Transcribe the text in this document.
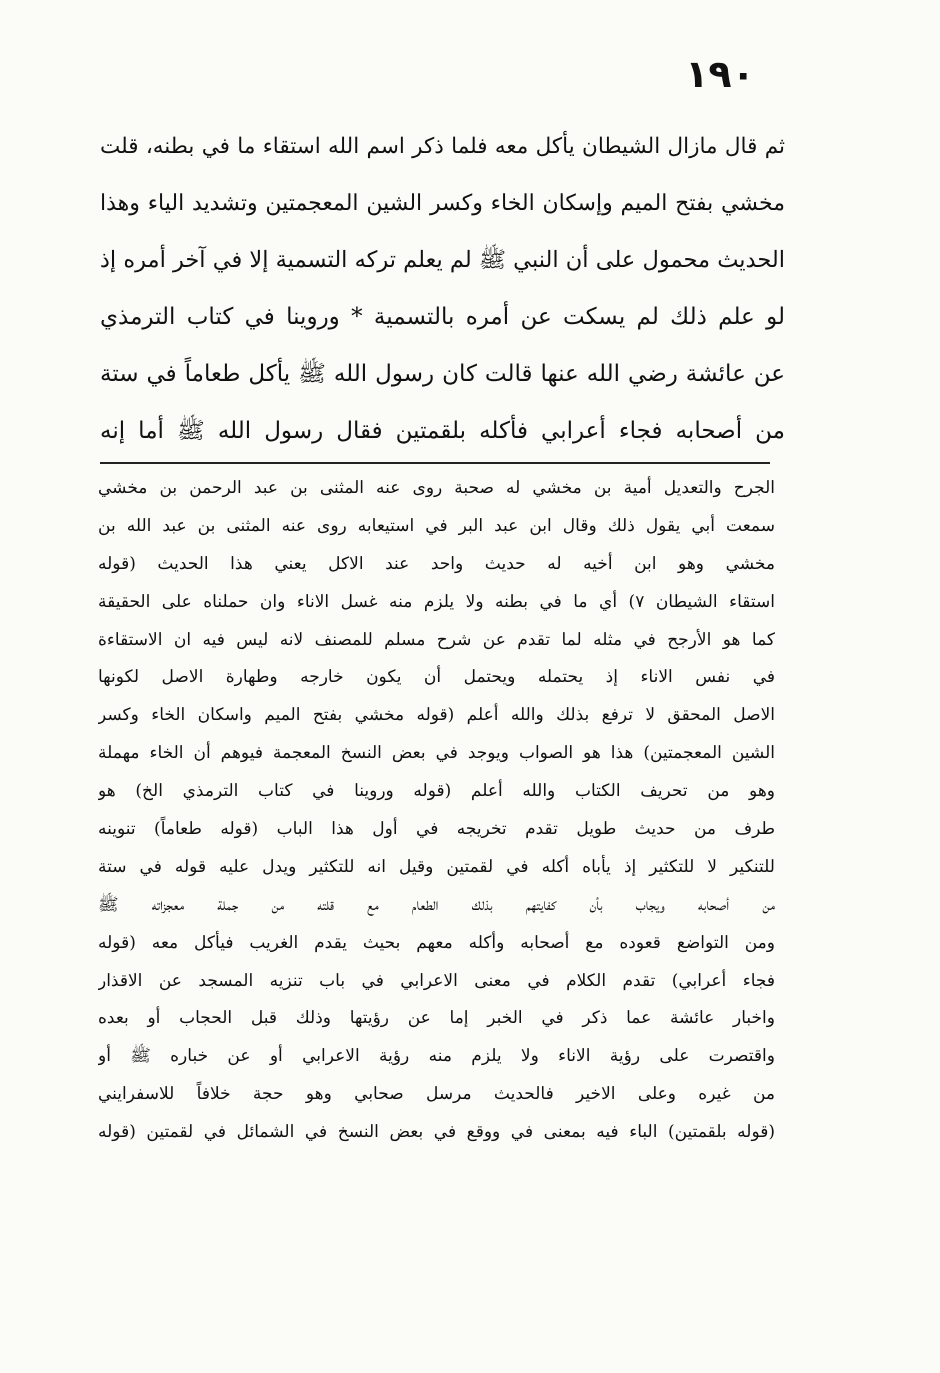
١٩٠
ثم قال مازال الشيطان يأكل معه فلما ذكر اسم الله استقاء ما في بطنه، قلت
مخشي بفتح الميم وإسكان الخاء وكسر الشين المعجمتين وتشديد الياء وهذا
الحديث محمول على أن النبي ﷺ لم يعلم تركه التسمية إلا في آخر أمره إذ
لو علم ذلك لم يسكت عن أمره بالتسمية * وروينا في كتاب الترمذي
عن عائشة رضي الله عنها قالت كان رسول الله ﷺ يأكل طعاماً في ستة
من أصحابه فجاء أعرابي فأكله بلقمتين فقال رسول الله ﷺ أما إنه
الجرح والتعديل أمية بن مخشي له صحبة روى عنه المثنى بن عبد الرحمن بن مخشي
سمعت أبي يقول ذلك وقال ابن عبد البر في استيعابه روى عنه المثنى بن عبد الله بن
مخشي وهو ابن أخيه له حديث واحد عند الاكل يعني هذا الحديث (قوله
استقاء الشيطان ٧) أي ما في بطنه ولا يلزم منه غسل الاناء وان حملناه على الحقيقة
كما هو الأرجح في مثله لما تقدم عن شرح مسلم للمصنف لانه ليس فيه ان الاستقاءة
في نفس الاناء إذ يحتمله ويحتمل أن يكون خارجه وطهارة الاصل لكونها
الاصل المحقق لا ترفع بذلك والله أعلم (قوله مخشي بفتح الميم واسكان الخاء وكسر
الشين المعجمتين) هذا هو الصواب ويوجد في بعض النسخ المعجمة فيوهم أن الخاء مهملة
وهو من تحريف الكتاب والله أعلم (قوله وروينا في كتاب الترمذي الخ) هو
طرف من حديث طويل تقدم تخريجه في أول هذا الباب (قوله طعاماً) تنوينه
للتنكير لا للتكثير إذ يأباه أكله في لقمتين وقيل انه للتكثير ويدل عليه قوله في ستة
من أصحابه ويجاب بأن كفايتهم بذلك الطعام مع قلته من جملة معجزاته ﷺ
ومن التواضع قعوده مع أصحابه وأكله معهم بحيث يقدم الغريب فيأكل معه (قوله
فجاء أعرابي) تقدم الكلام في معنى الاعرابي في باب تنزيه المسجد عن الاقذار
واخبار عائشة عما ذكر في الخبر إما عن رؤيتها وذلك قبل الحجاب أو بعده
واقتصرت على رؤية الاناء ولا يلزم منه رؤية الاعرابي أو عن خباره ﷺ أو
من غيره وعلى الاخير فالحديث مرسل صحابي وهو حجة خلافاً للاسفرايني
(قوله بلقمتين) الباء فيه بمعنى في ووقع في بعض النسخ في الشمائل في لقمتين (قوله
